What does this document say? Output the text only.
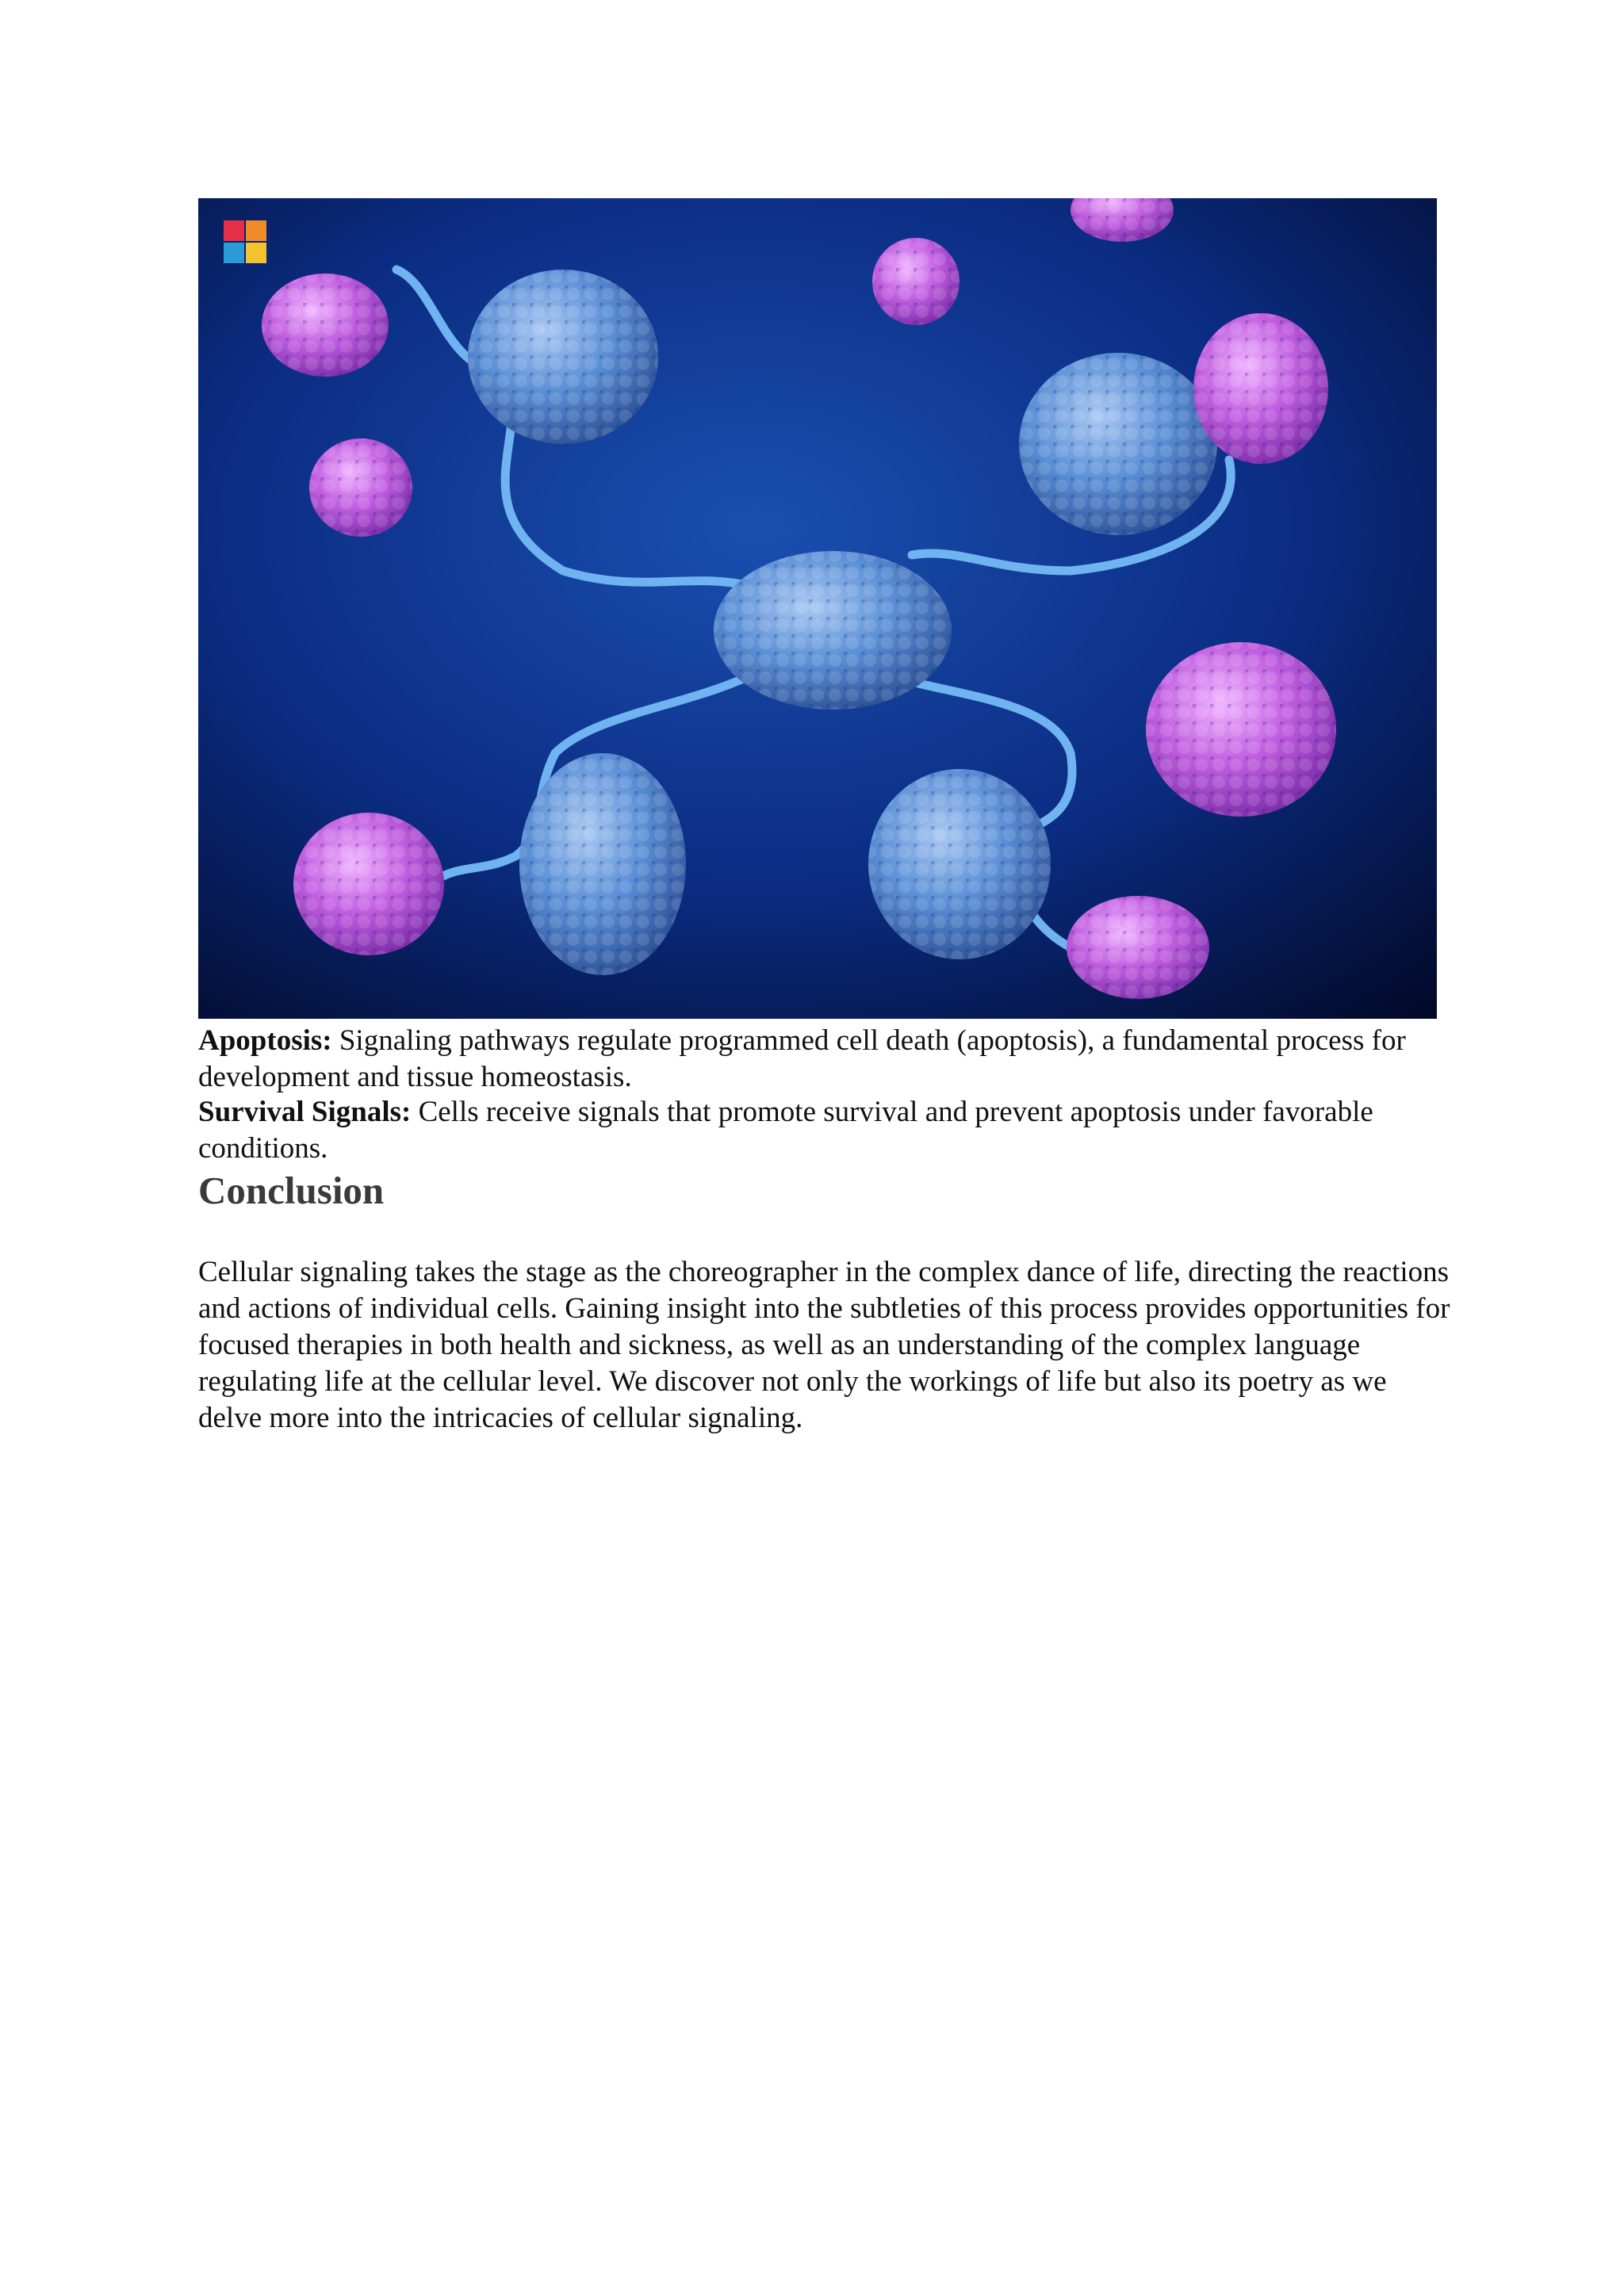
Apoptosis: Signaling pathways regulate programmed cell death (apoptosis), a fundamental process for development and tissue homeostasis.

Survival Signals: Cells receive signals that promote survival and prevent apoptosis under favorable conditions.

Conclusion

Cellular signaling takes the stage as the choreographer in the complex dance of life, directing the reactions and actions of individual cells. Gaining insight into the subtleties of this process provides opportunities for focused therapies in both health and sickness, as well as an understanding of the complex language regulating life at the cellular level. We discover not only the workings of life but also its poetry as we delve more into the intricacies of cellular signaling.
